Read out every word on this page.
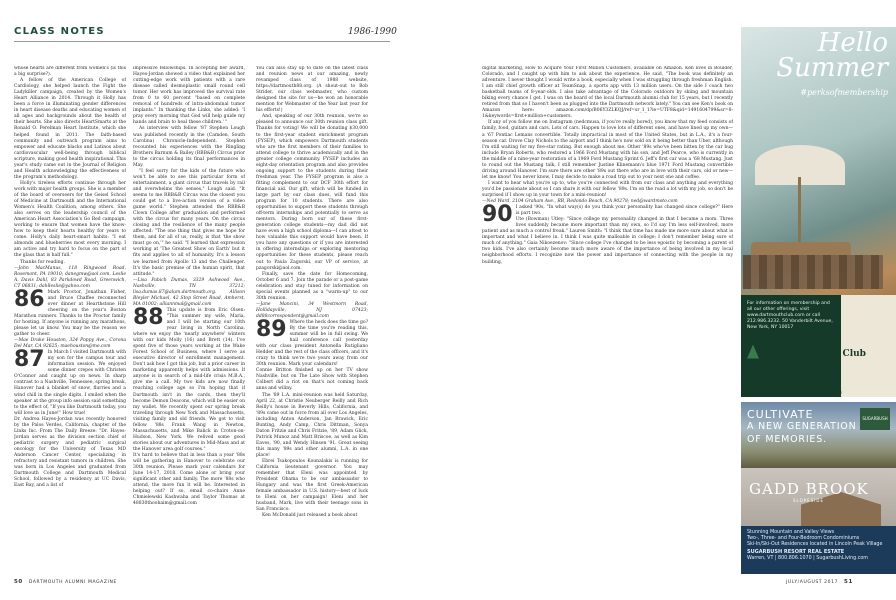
CLASS NOTES	1986-1990

whose hearts are different from women's (is this a big surprise?).

A fellow of the American College of Cardiology, she helped launch the Fight the Ladykiller campaign, created by the Women's Heart Alliance in 2014. Through it Holly has been a force in illuminating gender differences in heart disease deaths and educating women of all ages and backgrounds about the health of their hearts. She also directs HeartSmarts at the Ronald O. Perelman Heart Institute, which she helped found in 2011. The faith-based community and outreach program aims to empower and educate blacks and Latinos about cardiovascular well-being through biblical scripture, making good health inspirational. This year's study came out in the Journal of Religion and Health acknowledging the effectiveness of the program's methodology.

Holly's tireless efforts continue through her work with major health groups. She is a member of the board of overseers for the Geisel School of Medicine at Dartmouth and the International Women's Health Coalition, among others. She also serves on the leadership council of the American Heart Association's Go Red campaign, working to ensure that women have the know-how to keep their hearts healthy for years to come. Holly's daily heart-smart habits: "I eat almonds and blueberries most every morning. I am active and try hard to focus on the part of the glass that is half full."

Thanks for reading.

—John MacManus, 118 Ringwood Road, Rosemont, PA 19010; danegmw@aol.com. Leslie A. Davis Dahl, 83 Parkdowd Road, Greenwich, CT 06831; dahlleslie@yahoo.com

86 Mark Proctor, Jonathan Fisher, and Bruce Chaffee reconnected over dinner at Hearthstone Hill cheering on the year's Boston Marathon runners. Thanks to the Proctor family for hosting. If anyone is running any marathons, please let us know. You may be the reason we gather to cheer.

—Mae Drake Houston, 324 Poppy Ave., Corona Del Mar, CA 92625; maehouston@me.com

87 In March I visited Dartmouth with my son for the campus tour and information session. We enjoyed some dinner crepes with Christen O'Connor and caught up on news. In sharp contrast to a Nashville, Tennessee, spring break, Hanover had a blanket of snow, flurries and a wind chill in the single digits. I smiled when the speaker at the group info session said something to the effect of, "If you like Dartmouth today, you will love us in June!" How true!

Dr. Andrea Hayes-Jordan was recently honored by the Palos Verdes, California, chapter of the Links Inc. From The Daily Breeze: "Dr. Hayes-Jordan serves as the division section chief of pediatric surgery and pediatric surgical oncology for the University of Texas MD Anderson Cancer Center, specializing in refractory and resistant tumors in children. She was born in Los Angeles and graduated from Dartmouth College and Dartmouth Medical School, followed by a residency at UC Davis, East Bay, and a list of

impressive fellowships. In accepting her award, Hayes-Jordan showed a video that explained her cutting-edge work with patients with a rare disease called desmoplastic small round cell tumor. Her work has improved the survival rate from 0 to 60 percent "based on complete removal of hundreds of intra-abdominal tumor implants." In thanking the Links, she added: 'I pray every morning that God will help guide my hands and brain to heal these children.' "

As interview with fellow '87 Stephen Lough was published recently in the (Camden, South Carolina) Chronicle-Independent. Stephen recounted his experiences with the Ringling Brothers Barnum & Bailey (RBB&B) Circus prior to the circus holding its final performances in May.

"I feel sorry for the kids of the future who won't be able to see this particular form of entertainment, a giant circus that travels by rail and overwhelms the senses," Lough said. "It seems to me RBB&B Circus was the closest you could get to a live-action version of a video game world." Stephen attended the RBB&B Clown College after graduation and performed with the circus for many years. On the circus closing and the resilience of the many people affected: "The one thing that gives me hope for them, and for all of us, really, is that 'the show must go on,'" he said. "I learned that expression working at 'The Greatest Show on Earth' but it fits and applies to all of humanity. It's a lesson we learned from Apollo 13 and the Challenger. It's the basic premise of the human spirit, that attitude."

—Lisa Pabich Dumas, 3329 Ashwood Ave., Nashville, TN 37212; lisa.dumas.87@alum.dartmouth.org. Allison Bleyler Michael, 42 Stop Street Road, Amherst, MA 01002; alliannmal@gmail.com

88 This update is from Eric Olsen: "This summer my wife, Maria, and I will be starting our 10th year living in North Carolina, where we enjoy the 'nearly anywhere' winters with our kids Molly (16) and Brett (14). I've spent five of those years working at the Wake Forest School of Business, where I serve as executive director of enrollment management. Don't ask how I got this job, but a prior career in marketing apparently helps with admissions. If anyone is in search of a mid-life crisis M.B.A., give me a call. My two kids are now finally reaching college age so I'm hoping that if Dartmouth isn't in the cards, then they'll become Demon Deacons, which will be easier on my wallet. We recently spent our spring break traveling through New York and Massachusetts, visiting family and old friends. We got to visit fellow '88s Frank Wang in Newton, Massachusetts, and Mike Balick in Croton-on-Hudson, New York. We relived some good stories about our adventures in Mid-Mass and at the Hanover area golf courses."

It's hard to believe that in less than a year '88s will be gathering in Hanover to celebrate our 30th reunion. Please mark your calendars for June 14-17, 2018. Come alone or bring your significant other and family. The more '88s who attend, the more fun it will be. Interested in helping out? If so, email co-chairs Anne Chmielewski Kashwaha and Taylor Thomas at 48830thoohaim@gmail.com

You can also stay up to date on the latest class and reunion news at our amazing, newly revamped class of 1988 website, https://dartmouth88.org. (A shout-out to Bob Strider, our class webmaster, who custom designed the site for us—he won an honorable mention for Webmaster of the Year last year for his efforts!)

And, speaking of our 30th reunion, we're so pleased to announce our 30th reunion class gift. Thanks for voting! We will be donating $30,000 to the first-year student enrichment program (FYSEP), which empowers Dartmouth students who are the first members of their families to attend college to thrive academically and in the greater college community. FYSEP includes an eight-day orientation program and also provides ongoing support to the students during their freshman year. The FYSEP program is also a fitting complement to our DCF 30th effort for financial aid. Our gift, which will be funded in large part by our class dues, will fund this program for 10 students. There are also opportunities to support these students through off-term internships and potentially to serve as mentors. During born our of these first-generation college students—my dad did not have even a high school diploma—I can attest to how valuable this support would have been. If you have any questions or if you are interested in offering internships or exploring mentoring opportunities for these students, please reach out to Paula Zagorski, our VP of service, at pzagorski@aol.com.

Finally, save the date for Homecoming, October 6 and 7. Join the parade or a post-game celebration and stay tuned for information on special events planned as a "warm-up" to our 30th reunion.

—Jane Mancini, 34 Westmorn Road, Hollidayville, NJ 07423; dd88correspondent@gmail.com

89 Where the heck does the time go? By the time you're reading this, summer will be in full swing. We hail conference call yesterday with our class president Antonella Rutigliano Hedder and the rest of the class officers, and it's crazy to think we're two years away from our 30th reunion. Mark your calendars!

Connie Britton finished up on her TV show Nashville, but on The Late Show with Stephen Colbert did a riot on that's not coming back anns and wiliny.

The '89 L.A. mini-reunion was held Saturday, April 22, at Christie Neuberger Reilly and Rich Reilly's house in Beverly Hills, California, and '89s came out in force from all over Los Angeles, including Anton Anderson, Jan Brawick, Eric Bunting, Andy Camp, Chris Dittman, Sonya Daton Fritzie and Chris Fritzie, '89, Adam Glick, Patrick Munoz and Matt Briscoe, as well as Kim Eaves, '90, and Wendy Hinsen '91. Great seeing this many '89s and other alumni, L.A. in one place!

Ebrei Tsakopoulos Kounalakis is running for California lieutenant governor. You may remember that Eleni was appointed by President Obama to be our ambassador to Hungary and was the first Greek-American female ambassador in U.S. history—best of luck to Eleni on her campaign! Eleni and her husband, Mark, live with their teenage sons in San Francisco.

Ken McDonald just released a book about

digital marketing, How to Acquire Your First Million Customers, available on Amazon. Ken lives in Boulder, Colorado, and I caught up with him to ask about the experience. He said, "The book was definitely an adventure. I never thought I would write a book, especially when I was struggling through freshman English. I am still chief growth officer at TeamSnap, a sports app with 13 million users. On the side I coach two basketball teams of 8-year-olds. I also take advantage of the Colorado outdoors by skiing and mountain biking every chance I get. I was on the board of the local Dartmouth alumni club for 15 years, but I recently retired from that so I haven't been as plugged into the Dartmouth network lately." You can see Ken's book on Amazon here: amazon.com/dp/B06Y3ZLKQJ/ref=sr_1_1?ie=UTF8&qid=1491604799&sr=8-1&keywords=first+million+customers.

If any of you follow me on Instagram (nedcmusa, if you're really bored), you know that my feed consists of family, food, guitars and cars. Lots of cars. Happen to love lots of different ones, and have lined up my own—a '67 Pontiac Lemans convertible. Totally impractical in most of the United States, but in L.A., it's a four-season car. Drove Clay Nichols to the airport and I think he's now sold on it being better than Uber, although I'm still waiting for my five-star rating. But enough about me. Other '89s who've been bitten by the car bug include Bryan Roberts, who restored a 1966 Ford Mustang with his son, and Jeff Pearce, who is currently in the middle of a nine-year restoration of a 1969 Ford Mustang Sprint 6. Jeff's first car was a '68 Mustang. Just to round out the Mustang talk, I still remember Justine Klinemann's blue 1971 Ford Mustang convertible driving around Hanover. I'm sure there are other '89s out there who are in love with their cars, old or new—let me know! You never know, I may decide to make a road trip out to your next one and coffee.

I want to hear what you're up to, who you're connected with from our class and anything and everything you'd be passionate about so I can share it with our fellow '89s. I'm on the road a lot with my job, so don't be surprised if I show up in your town for a mini-reunion!

—Ned Ward, 2104 Graham Ave., RB, Redondo Beach, CA 90278; ned@wardmoto.com

90 I asked '90s, "In what way(s) do you think your personality has changed since college?" Here is part two.

Ute (Bowman) Utley: "Since college my personality changed in that I became a mom. Three lives suddenly became more important than my own, so I'd say I'm less self-involved, more patient and as much a control freak." Lauren Smith: "I think that time has made me more sure about what is important and what I believe in. I think I was quite malleable in college; I don't remember being sure of much of anything." Gaia Nikoezenov: "Since college I've changed to be less egoistic by becoming a parent of two kids. I've also certainly become much more aware of the importance of being involved in my local neighborhood efforts. I recognize now the power and importance of connecting with the people in my building,

Hello
Summer
#perksofmembership
For information on membership and all our other offerings, visit www.dartmouthclub.com or call 212.986.3232. 50 Vanderbilt Avenue, New York, NY 10017
The Dartmouth Club
of New York
at The Yale Club of New York City
CULTIVATE
A NEW GENERATION
OF MEMORIES.
SUGARBUSH
GADD BROOK
SLOPESIDE
Stunning Mountain and Valley Views
Two-, Three- and Four-Bedroom Condominiums
Ski-In/Ski-Out Residences located in Lincoln Peak Village
SUGARBUSH RESORT REAL ESTATE
Warren, VT | 800.806.1070 | SugarbushLiving.com
50 DARTMOUTH ALUMNI MAGAZINE	JULY/AUGUST 2017 51
